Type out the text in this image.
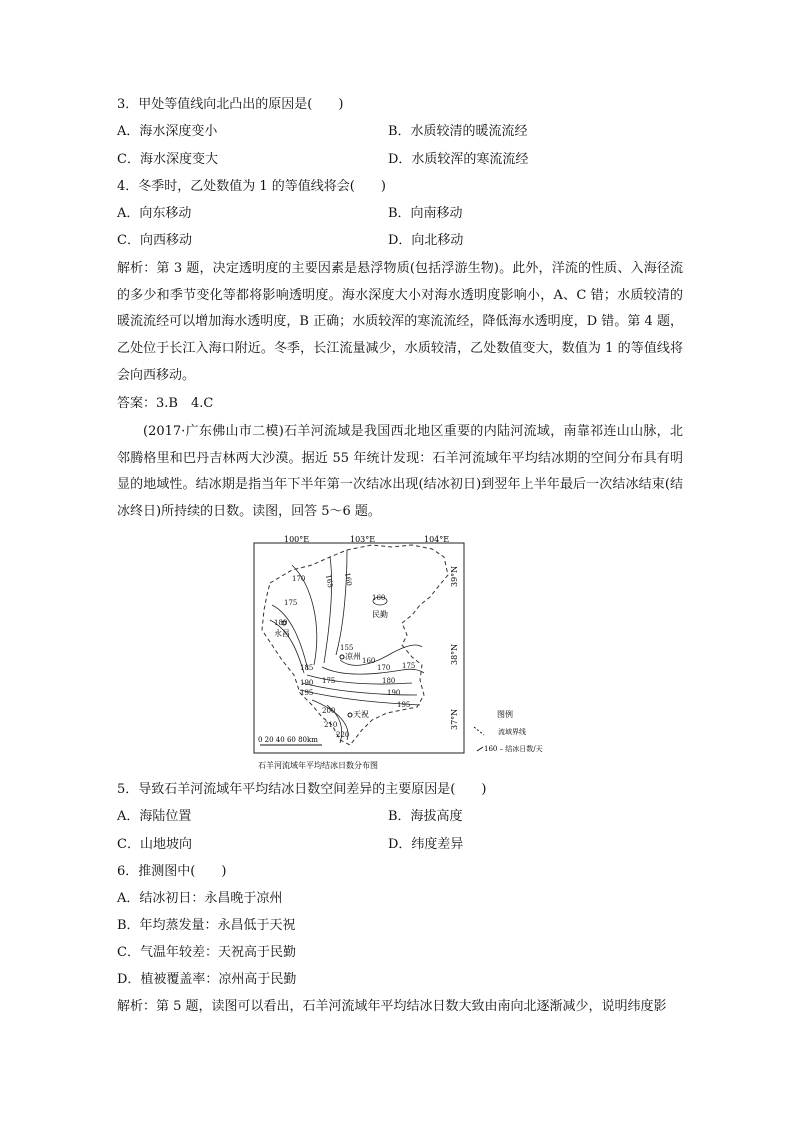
3．甲处等值线向北凸出的原因是(　　)
A．海水深度变小	B．水质较清的暖流流经
C．海水深度变大	D．水质较浑的寒流流经
4．冬季时，乙处数值为 1 的等值线将会(　　)
A．向东移动	B．向南移动
C．向西移动	D．向北移动
解析：第 3 题，决定透明度的主要因素是悬浮物质(包括浮游生物)。此外，洋流的性质、入海径流的多少和季节变化等都将影响透明度。海水深度大小对海水透明度影响小，A、C 错；水质较清的暖流流经可以增加海水透明度，B 正确；水质较浑的寒流流经，降低海水透明度，D 错。第 4 题，乙处位于长江入海口附近。冬季，长江流量减少，水质较清，乙处数值变大，数值为 1 的等值线将会向西移动。
答案：3.B　4.C
(2017·广东佛山市二模)石羊河流域是我国西北地区重要的内陆河流域，南靠祁连山山脉，北邻腾格里和巴丹吉林两大沙漠。据近 55 年统计发现：石羊河流域年平均结冰期的空间分布具有明显的地域性。结冰期是指当年下半年第一次结冰出现(结冰初日)到翌年上半年最后一次结冰结束(结冰终日)所持续的日数。读图，回答 5～6 题。
100°E	103°E	104°E
39°N
38°N
37°N
170	165 160
175
180
155
160
160
170 175
175	180
185
190
195	190
195
200
210
220
永昌
民勤
凉州
天祝
0 20 40 60 80km
图例
流域界线
160 – 结冰日数/天
石羊河流域年平均结冰日数分布图
5．导致石羊河流域年平均结冰日数空间差异的主要原因是(　　)
A．海陆位置	B．海拔高度
C．山地坡向	D．纬度差异
6．推测图中(　　)
A．结冰初日：永昌晚于凉州
B．年均蒸发量：永昌低于天祝
C．气温年较差：天祝高于民勤
D．植被覆盖率：凉州高于民勤
解析：第 5 题，读图可以看出，石羊河流域年平均结冰日数大致由南向北逐渐减少，说明纬度影
